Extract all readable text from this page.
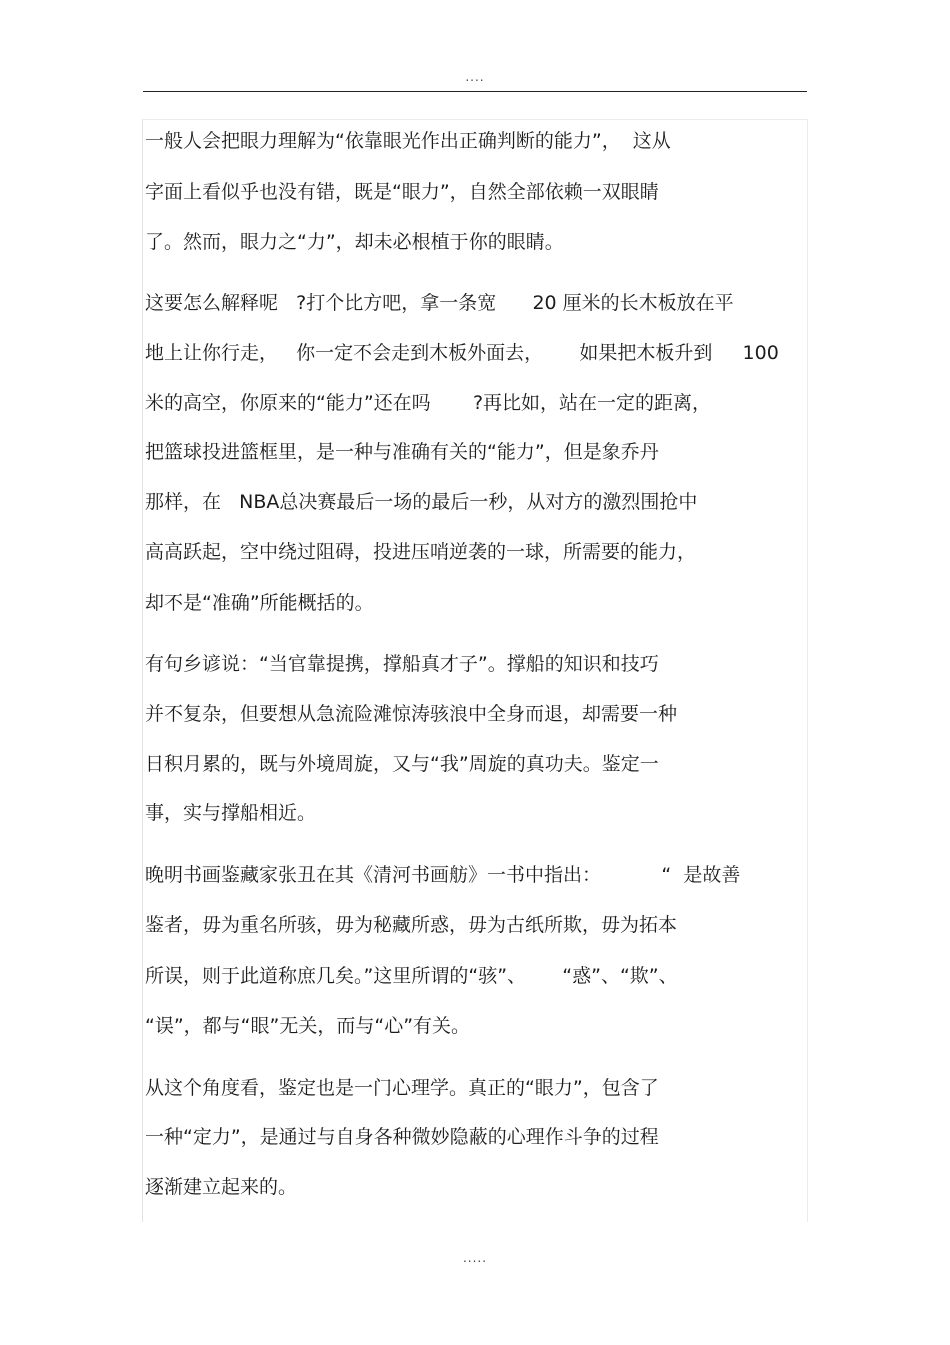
....
一般人会把眼力理解为“依靠眼光作出正确判断的能力”，  这从
字面上看似乎也没有错，既是“眼力”，自然全部依赖一双眼睛
了。然而，眼力之“力”，却未必根植于你的眼睛。
这要怎么解释呢   ?打个比方吧，拿一条宽      20 厘米的长木板放在平
地上让你行走，   你一定不会走到木板外面去，      如果把木板升到     100
米的高空，你原来的“能力”还在吗       ?再比如，站在一定的距离，
把篮球投进篮框里，是一种与准确有关的“能力”，但是象乔丹
那样，在   NBA总决赛最后一场的最后一秒，从对方的激烈围抢中
高高跃起，空中绕过阻碍，投进压哨逆袭的一球，所需要的能力，
却不是“准确”所能概括的。
有句乡谚说：“当官靠提携，撑船真才子”。撑船的知识和技巧
并不复杂，但要想从急流险滩惊涛骇浪中全身而退，却需要一种
日积月累的，既与外境周旋，又与“我”周旋的真功夫。鉴定一
事，实与撑船相近。
晚明书画鉴藏家张丑在其《清河书画舫》一书中指出：          “  是故善
鉴者，毋为重名所骇，毋为秘藏所惑，毋为古纸所欺，毋为拓本
所误，则于此道称庶几矣。”这里所谓的“骇”、      “惑”、“欺”、
“误”，都与“眼”无关，而与“心”有关。
从这个角度看，鉴定也是一门心理学。真正的“眼力”，包含了
一种“定力”，是通过与自身各种微妙隐蔽的心理作斗争的过程
逐渐建立起来的。
.....
